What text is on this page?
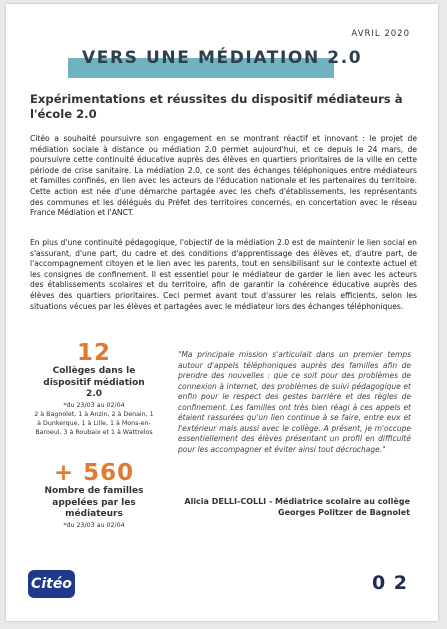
AVRIL 2020
VERS UNE MÉDIATION 2.0
Expérimentations et réussites du dispositif médiateurs à l'école 2.0
Citéo a souhaité poursuivre son engagement en se montrant réactif et innovant : le projet de médiation sociale à distance ou médiation 2.0 permet aujourd'hui, et ce depuis le 24 mars, de poursuivre cette continuité éducative auprès des élèves en quartiers prioritaires de la ville en cette période de crise sanitaire. La médiation 2.0, ce sont des échanges téléphoniques entre médiateurs et familles confinés, en lien avec les acteurs de l'éducation nationale et les partenaires du territoire. Cette action est née d'une démarche partagée avec les chefs d'établissements, les représentants des communes et les délégués du Préfet des territoires concernés, en concertation avec le réseau France Médiation et l'ANCT.
En plus d'une continuité pédagogique, l'objectif de la médiation 2.0 est de maintenir le lien social en s'assurant, d'une part, du cadre et des conditions d'apprentissage des élèves et, d'autre part, de l'accompagnement citoyen et le lien avec les parents, tout en sensibilisant sur le contexte actuel et les consignes de confinement. Il est essentiel pour le médiateur de garder le lien avec les acteurs des établissements scolaires et du territoire, afin de garantir la cohérence éducative auprès des élèves des quartiers prioritaires. Ceci permet avant tout d'assurer les relais efficients, selon les situations vécues par les élèves et partagées avec le médiateur lors des échanges téléphoniques.
12
Collèges dans le dispositif médiation 2.0
*du 23/03 au 02/04
2 à Bagnolet, 1 à Anzin, 2 à Denain, 1 à Dunkerque, 1 à Lille, 1 à Mons-en-Baroeul, 3 à Roubaix et 1 à Wattrelos
+ 560
Nombre de familles appelées par les médiateurs
*du 23/03 au 02/04
"Ma principale mission s'articulait dans un premier temps autour d'appels téléphoniques auprès des familles afin de prendre des nouvelles : que ce soit pour des problèmes de connexion à internet, des problèmes de suivi pédagogique et enfin pour le respect des gestes barrière et des règles de confinement. Les familles ont très bien réagi à ces appels et étaient rassurées qu'un lien continue à se faire, entre eux et l'extérieur mais aussi avec le collège. A présent, je m'occupe essentiellement des élèves présentant un profil en difficulté pour les accompagner et éviter ainsi tout décrochage."
Alicia DELLI-COLLI - Médiatrice scolaire au collège
Georges Politzer de Bagnolet
Citéo	0 2
